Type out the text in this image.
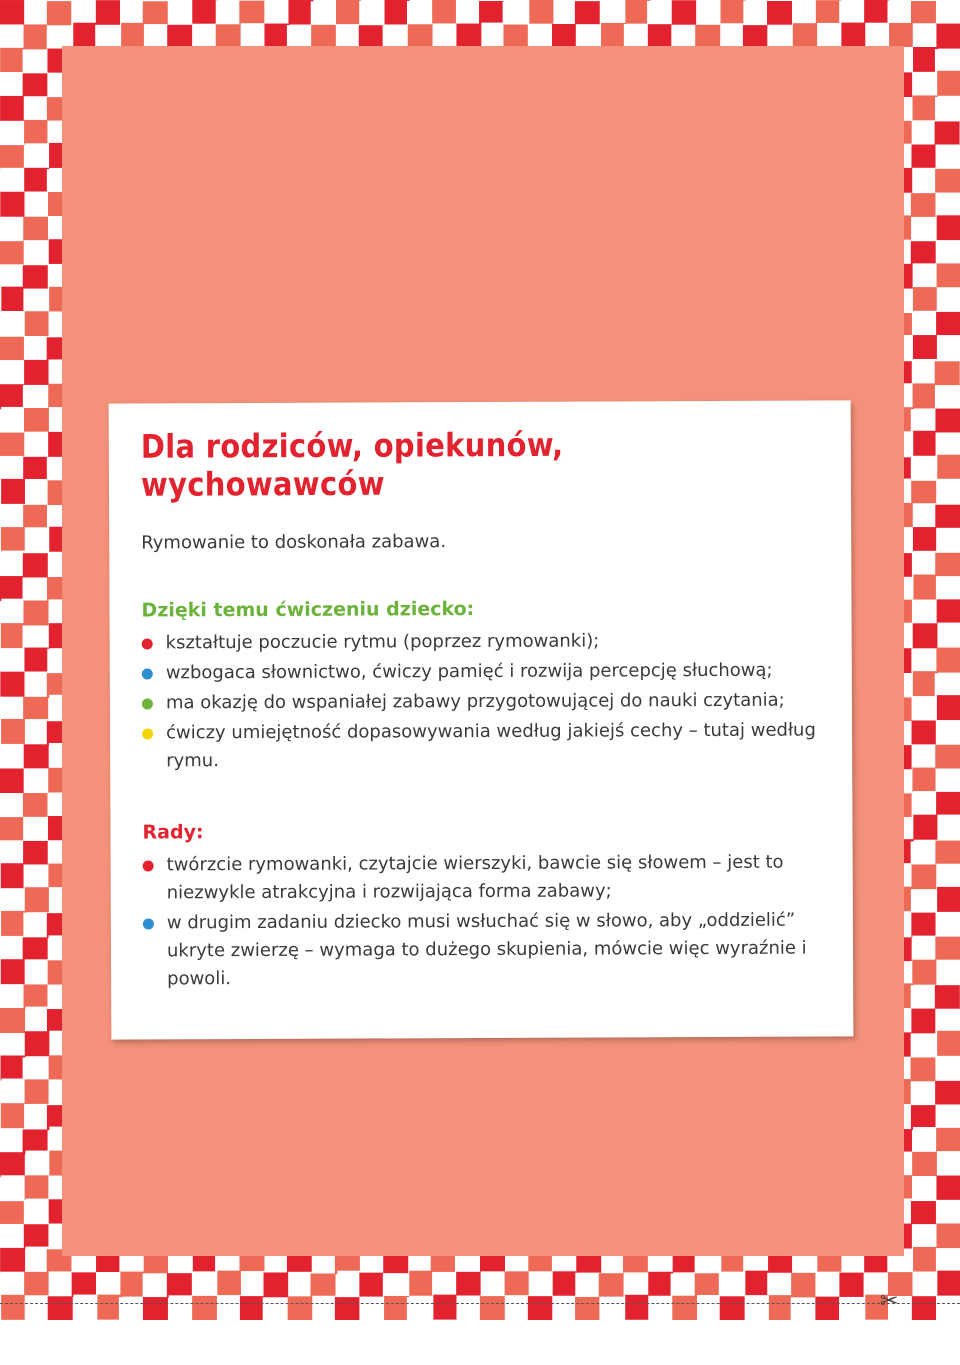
Dla rodziców, opiekunów, wychowawców

Rymowanie to doskonała zabawa.

Dzięki temu ćwiczeniu dziecko:
kształtuje poczucie rytmu (poprzez rymowanki);
wzbogaca słownictwo, ćwiczy pamięć i rozwija percepcję słuchową;
ma okazję do wspaniałej zabawy przygotowującej do nauki czytania;
ćwiczy umiejętność dopasowywania według jakiejś cechy – tutaj według rymu.
Rady:
twórzcie rymowanki, czytajcie wierszyki, bawcie się słowem – jest to niezwykle atrakcyjna i rozwijająca forma zabawy;
w drugim zadaniu dziecko musi wsłuchać się w słowo, aby „oddzielić” ukryte zwierzę – wymaga to dużego skupienia, mówcie więc wyraźnie i powoli.
✂
